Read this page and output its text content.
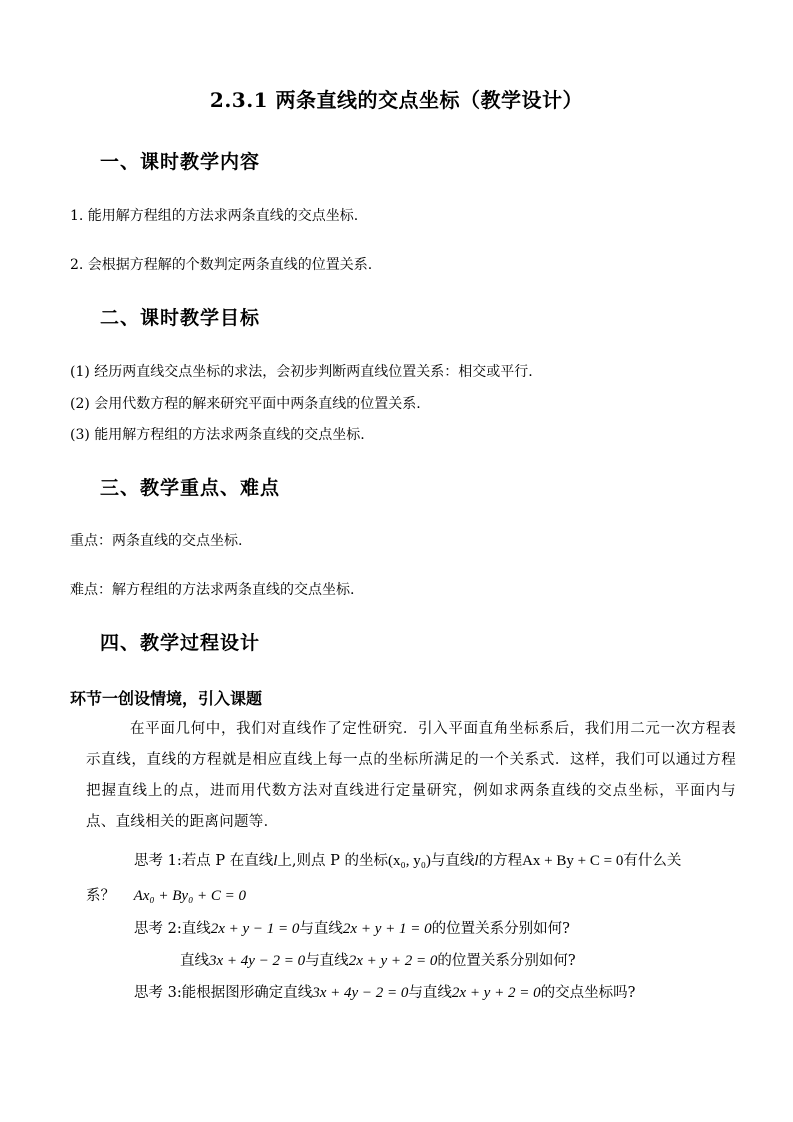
2.3.1 两条直线的交点坐标（教学设计）
一、课时教学内容
1. 能用解方程组的方法求两条直线的交点坐标.
2. 会根据方程解的个数判定两条直线的位置关系.
二、课时教学目标
(1) 经历两直线交点坐标的求法，会初步判断两直线位置关系：相交或平行.
(2) 会用代数方程的解来研究平面中两条直线的位置关系.
(3) 能用解方程组的方法求两条直线的交点坐标.
三、教学重点、难点
重点：两条直线的交点坐标.
难点：解方程组的方法求两条直线的交点坐标.
四、教学过程设计
环节一创设情境，引入课题
在平面几何中，我们对直线作了定性研究．引入平面直角坐标系后，我们用二元一次方程表示直线，直线的方程就是相应直线上每一点的坐标所满足的一个关系式．这样，我们可以通过方程把握直线上的点，进而用代数方法对直线进行定量研究，例如求两条直线的交点坐标，平面内与点、直线相关的距离问题等．
思考 1:若点 P 在直线l上,则点 P 的坐标(x₀, y₀)与直线l的方程Ax + By + C = 0有什么关
系？ Ax₀ + By₀ + C = 0
思考 2:直线2x + y − 1 = 0与直线2x + y + 1 = 0的位置关系分别如何?
直线3x + 4y − 2 = 0与直线2x + y + 2 = 0的位置关系分别如何?
思考 3:能根据图形确定直线3x + 4y − 2 = 0与直线2x + y + 2 = 0的交点坐标吗?
